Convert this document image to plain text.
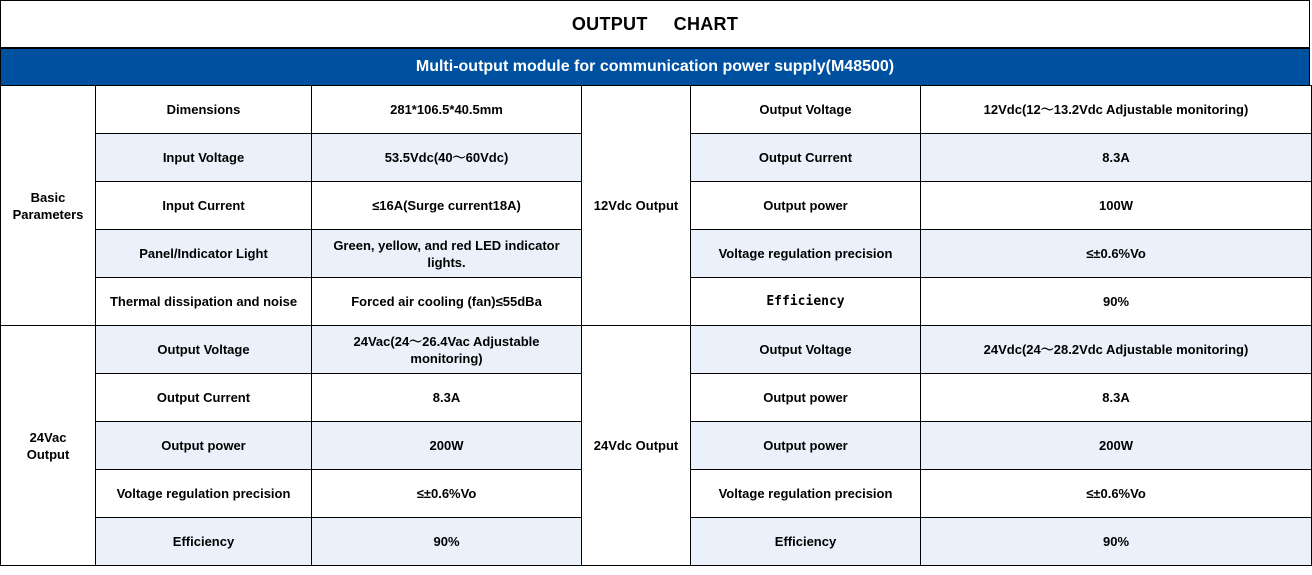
OUTPUT CHART
Multi-output module for communication power supply(M48500)
Basic Parameters	Dimensions	281*106.5*40.5mm	12Vdc Output	Output Voltage	12Vdc(12～13.2Vdc Adjustable monitoring)
	Input Voltage	53.5Vdc(40～60Vdc)		Output Current	8.3A
	Input Current	≤16A(Surge current18A)		Output power	100W
	Panel/Indicator Light	Green, yellow, and red LED indicator lights.		Voltage regulation precision	≤±0.6%Vo
	Thermal dissipation and noise	Forced air cooling (fan)≤55dBa		Efficiency	90%
24Vac Output	Output Voltage	24Vac(24～26.4Vac Adjustable monitoring)	24Vdc Output	Output Voltage	24Vdc(24～28.2Vdc Adjustable monitoring)
	Output Current	8.3A		Output power	8.3A
	Output power	200W		Output power	200W
	Voltage regulation precision	≤±0.6%Vo		Voltage regulation precision	≤±0.6%Vo
	Efficiency	90%		Efficiency	90%
